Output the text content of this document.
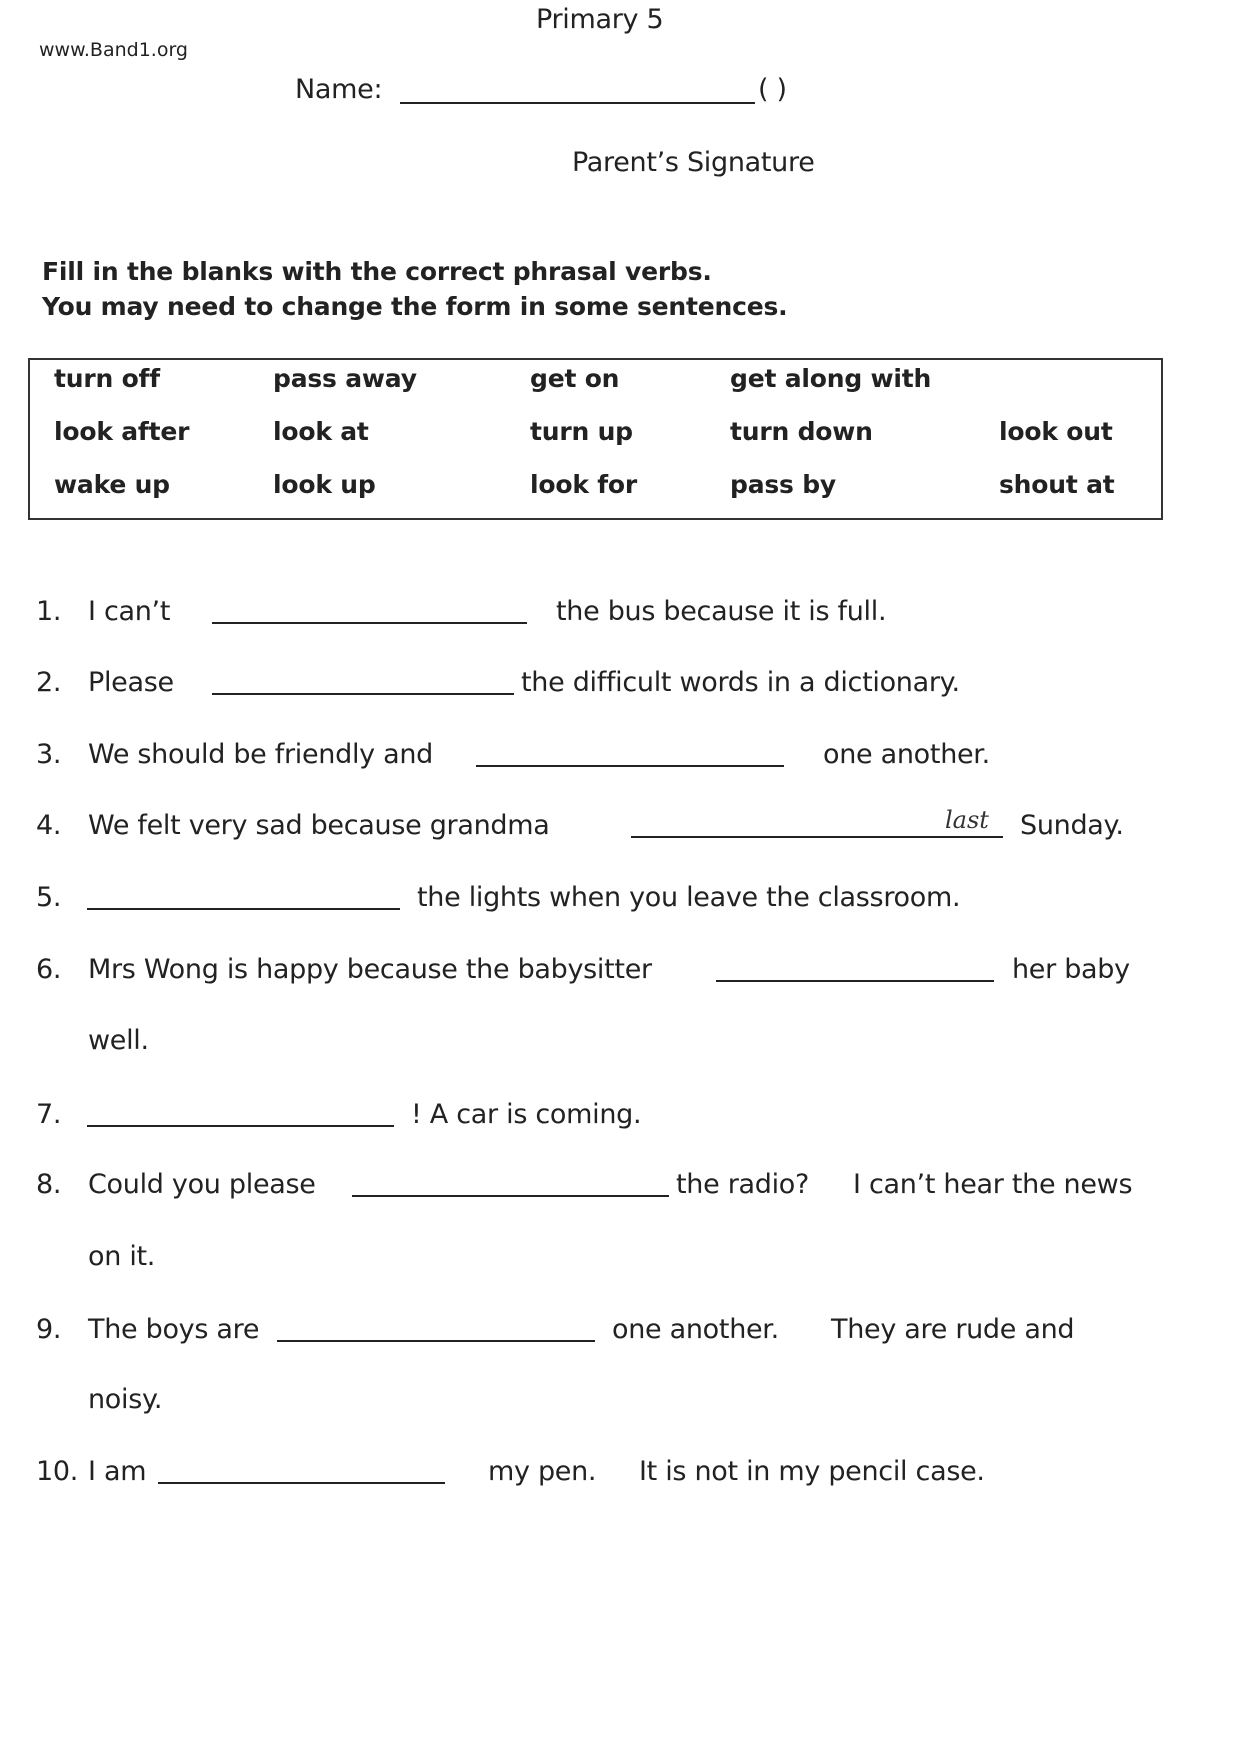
Primary 5
www.Band1.org
Name:	( )
Parent’s Signature
Fill in the blanks with the correct phrasal verbs.
You may need to change the form in some sentences.
turn off	pass away	get on	get along with
look after	look at	turn up	turn down	look out
wake up	look up	look for	pass by	shout at
1. I can’t	the bus because it is full.
2. Please	the difficult words in a dictionary.
3. We should be friendly and	one another.
4. We felt very sad because grandma	Sunday.
last
5.	the lights when you leave the classroom.
6. Mrs Wong is happy because the babysitter	her baby
well.
7.	! A car is coming.
8. Could you please	the radio? I can’t hear the news
on it.
9. The boys are	one another. They are rude and
noisy.
10. I am	my pen. It is not in my pencil case.
